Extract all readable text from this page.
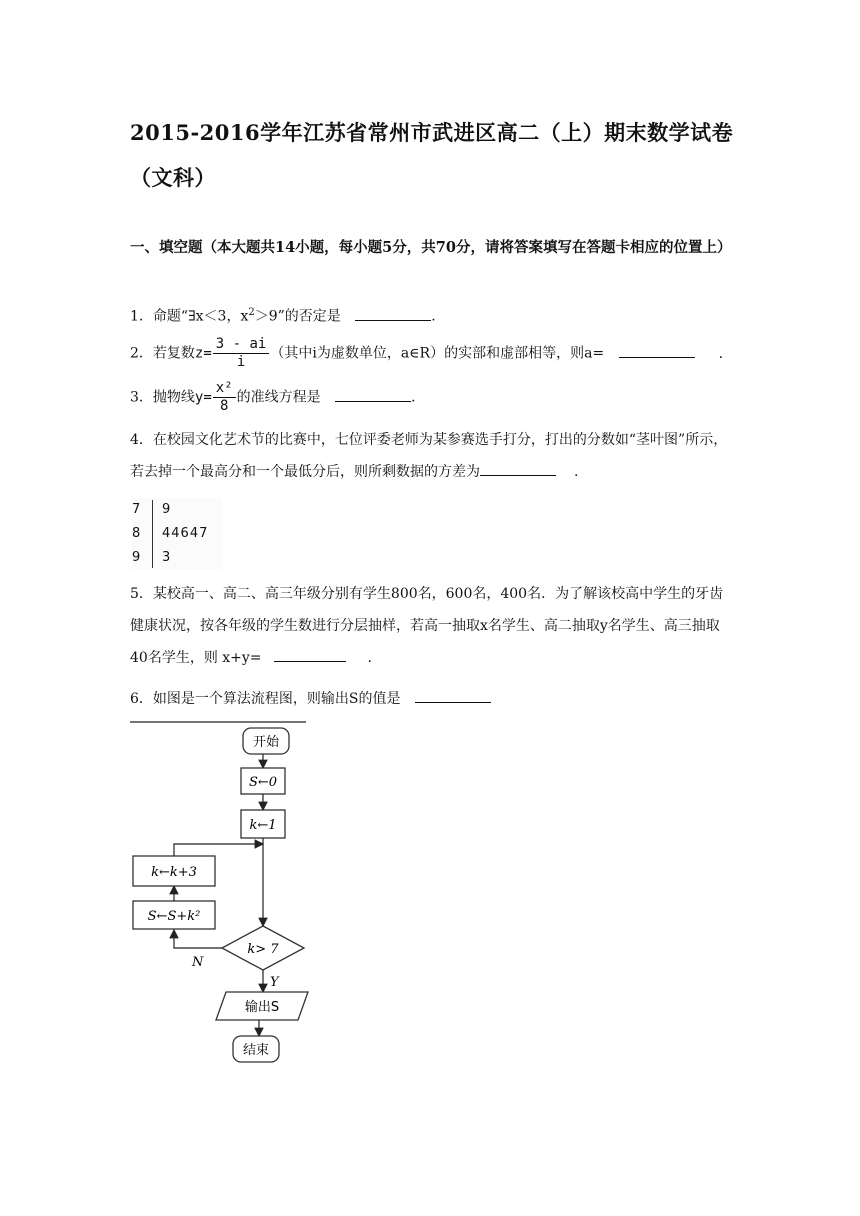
2015-2016学年江苏省常州市武进区高二（上）期末数学试卷（文科）

一、填空题（本大题共14小题，每小题5分，共70分，请将答案填写在答题卡相应的位置上）

1．命题“∃x＜3，$x^2>9$”的否定是	.

2．若复数$z= \frac{3 - ai}{i}$ （其中i为虚数单位，a∈R）的实部和虚部相等，则a=	.

3．抛物线$y= \frac{\text{x²}}{8}$ 的准线方程是	.

4．在校园文化艺术节的比赛中，七位评委老师为某参赛选手打分，打出的分数如“茎叶图”所示，若去掉一个最高分和一个最低分后，则所剩数据的方差为	.

7 9
8 44647
9 3

5．某校高一、高二、高三年级分别有学生800名，600名，400名．为了解该校高中学生的牙齿健康状况，按各年级的学生数进行分层抽样，若高一抽取x名学生、高二抽取y名学生、高三抽取40名学生，则 x+y=	.

6．如图是一个算法流程图，则输出S的值是

开始
S←0
k←1
k> 7
N
S←S+k²
k←k+3
Y
输出S
结束
